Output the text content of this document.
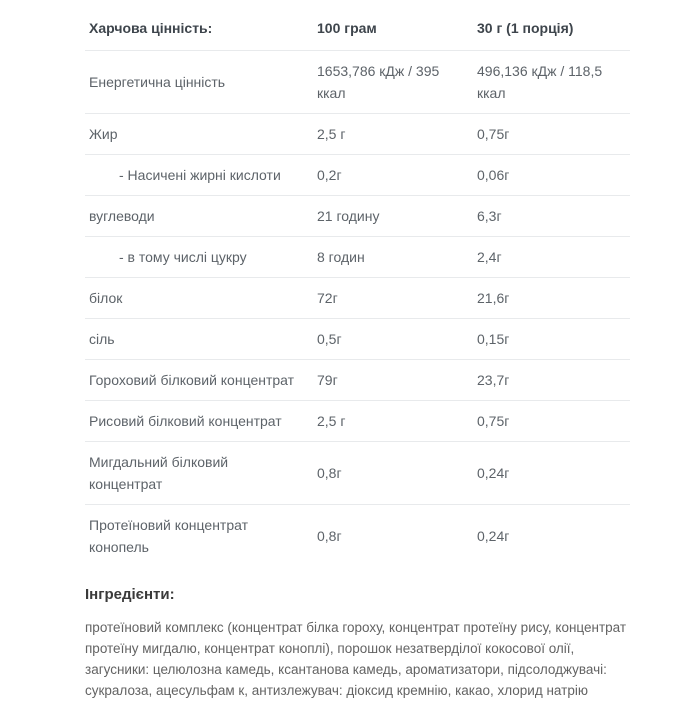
Харчова цінність:	100 грам	30 г (1 порція)
Енергетична цінність	1653,786 кДж / 395 ккал	496,136 кДж / 118,5 ккал
Жир	2,5 г	0,75г
- Насичені жирні кислоти	0,2г	0,06г
вуглеводи	21 годину	6,3г
- в тому числі цукру	8 годин	2,4г
білок	72г	21,6г
сіль	0,5г	0,15г
Гороховий білковий концентрат	79г	23,7г
Рисовий білковий концентрат	2,5 г	0,75г
Мигдальний білковий концентрат	0,8г	0,24г
Протеїновий концентрат конопель	0,8г	0,24г
Інгредієнти:

протеїновий комплекс (концентрат білка гороху, концентрат протеїну рису, концентрат протеїну мигдалю, концентрат коноплі), порошок незатверділої кокосової олії, загусники: целюлозна камедь, ксантанова камедь, ароматизатори, підсолоджувачі: сукралоза, ацесульфам к, антизлежувач: діоксид кремнію, какао, хлорид натрію
